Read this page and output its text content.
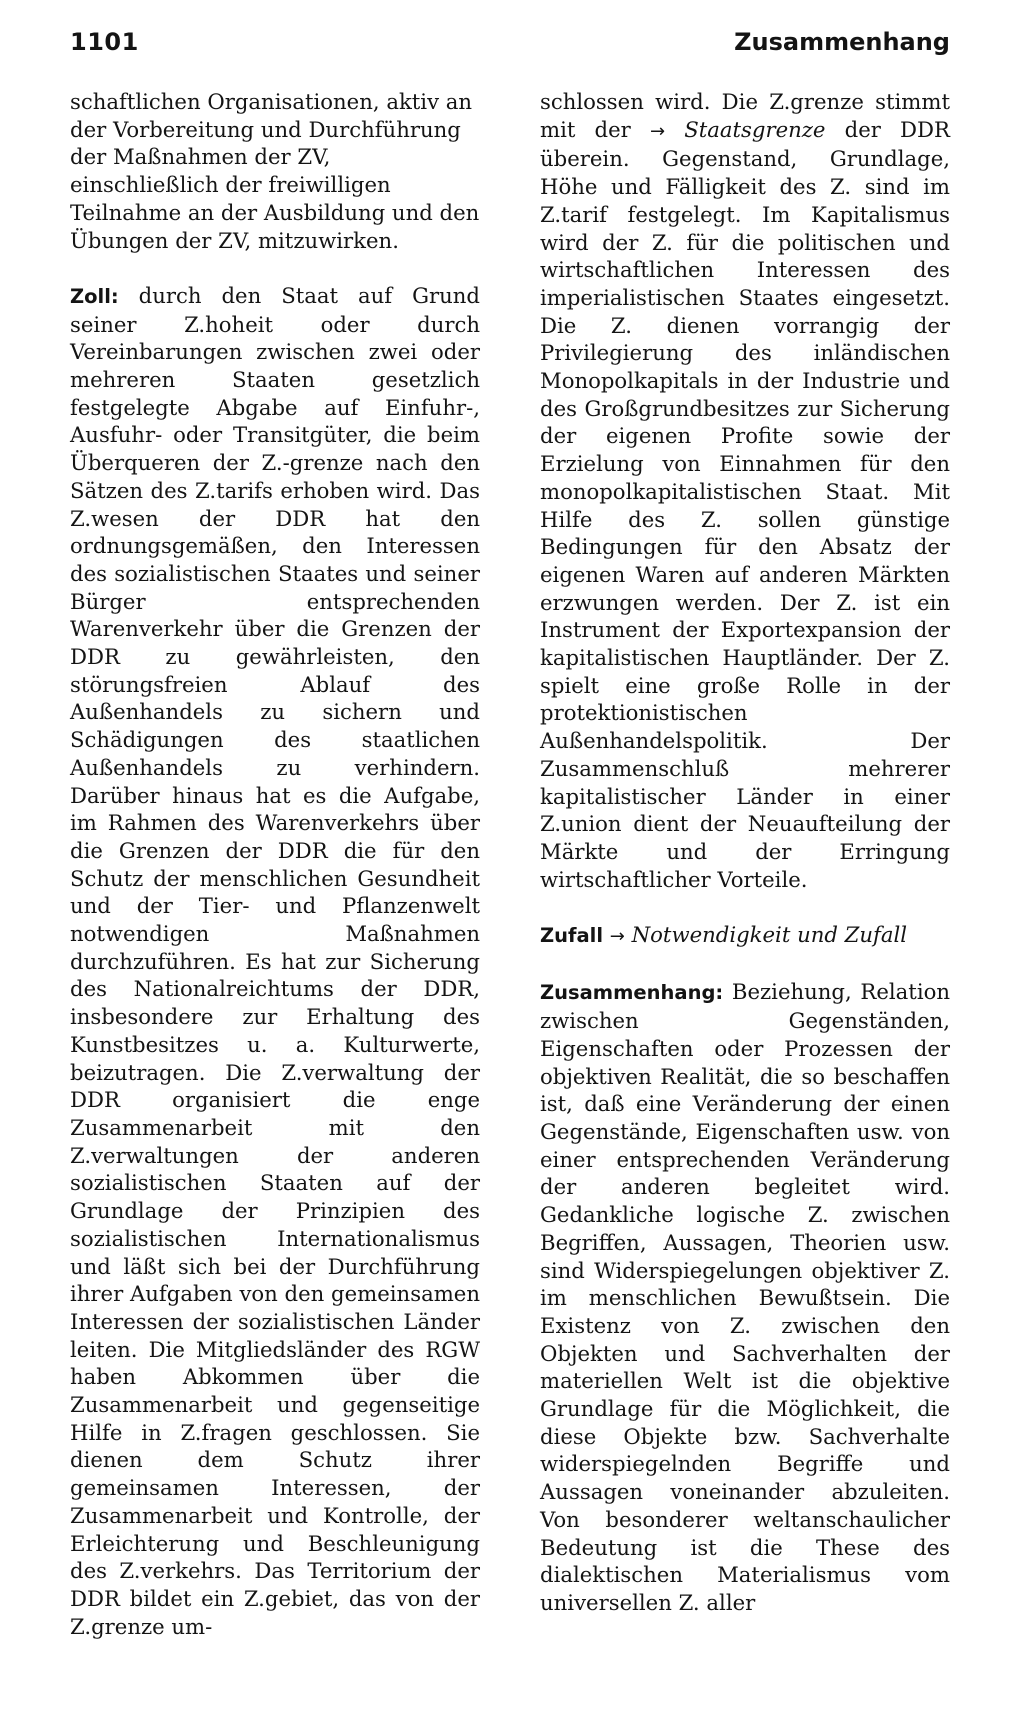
1101	Zusammenhang

schaftlichen Organisationen, aktiv an der Vorbereitung und Durchführung der Maßnahmen der ZV, einschließlich der freiwilligen Teilnahme an der Ausbildung und den Übungen der ZV, mitzuwirken.

Zoll: durch den Staat auf Grund seiner Z.hoheit oder durch Vereinbarungen zwischen zwei oder mehreren Staaten gesetzlich festgelegte Abgabe auf Einfuhr-, Ausfuhr- oder Transitgüter, die beim Überqueren der Z.-grenze nach den Sätzen des Z.tarifs erhoben wird. Das Z.wesen der DDR hat den ordnungsgemäßen, den Interessen des sozialistischen Staates und seiner Bürger entsprechenden Warenverkehr über die Grenzen der DDR zu gewährleisten, den störungsfreien Ablauf des Außenhandels zu sichern und Schädigungen des staatlichen Außenhandels zu verhindern. Darüber hinaus hat es die Aufgabe, im Rahmen des Warenverkehrs über die Grenzen der DDR die für den Schutz der menschlichen Gesundheit und der Tier- und Pflanzenwelt notwendigen Maßnahmen durchzuführen. Es hat zur Sicherung des Nationalreichtums der DDR, insbesondere zur Erhaltung des Kunstbesitzes u. a. Kulturwerte, beizutragen. Die Z.verwaltung der DDR organisiert die enge Zusammenarbeit mit den Z.verwaltungen der anderen sozialistischen Staaten auf der Grundlage der Prinzipien des sozialistischen Internationalismus und läßt sich bei der Durchführung ihrer Aufgaben von den gemeinsamen Interessen der sozialistischen Länder leiten. Die Mitgliedsländer des RGW haben Abkommen über die Zusammenarbeit und gegenseitige Hilfe in Z.fragen geschlossen. Sie dienen dem Schutz ihrer gemeinsamen Interessen, der Zusammenarbeit und Kontrolle, der Erleichterung und Beschleunigung des Z.verkehrs. Das Territorium der DDR bildet ein Z.gebiet, das von der Z.grenze um-

schlossen wird. Die Z.grenze stimmt mit der → Staatsgrenze der DDR überein. Gegenstand, Grundlage, Höhe und Fälligkeit des Z. sind im Z.tarif festgelegt. Im Kapitalismus wird der Z. für die politischen und wirtschaftlichen Interessen des imperialistischen Staates eingesetzt. Die Z. dienen vorrangig der Privilegierung des inländischen Monopolkapitals in der Industrie und des Großgrundbesitzes zur Sicherung der eigenen Profite sowie der Erzielung von Einnahmen für den monopolkapitalistischen Staat. Mit Hilfe des Z. sollen günstige Bedingungen für den Absatz der eigenen Waren auf anderen Märkten erzwungen werden. Der Z. ist ein Instrument der Exportexpansion der kapitalistischen Hauptländer. Der Z. spielt eine große Rolle in der protektionistischen Außenhandelspolitik. Der Zusammenschluß mehrerer kapitalistischer Länder in einer Z.union dient der Neuaufteilung der Märkte und der Erringung wirtschaftlicher Vorteile.

Zufall → Notwendigkeit und Zufall

Zusammenhang: Beziehung, Relation zwischen Gegenständen, Eigenschaften oder Prozessen der objektiven Realität, die so beschaffen ist, daß eine Veränderung der einen Gegenstände, Eigenschaften usw. von einer entsprechenden Veränderung der anderen begleitet wird. Gedankliche logische Z. zwischen Begriffen, Aussagen, Theorien usw. sind Widerspiegelungen objektiver Z. im menschlichen Bewußtsein. Die Existenz von Z. zwischen den Objekten und Sachverhalten der materiellen Welt ist die objektive Grundlage für die Möglichkeit, die diese Objekte bzw. Sachverhalte widerspiegelnden Begriffe und Aussagen voneinander abzuleiten. Von besonderer weltanschaulicher Bedeutung ist die These des dialektischen Materialismus vom universellen Z. aller
